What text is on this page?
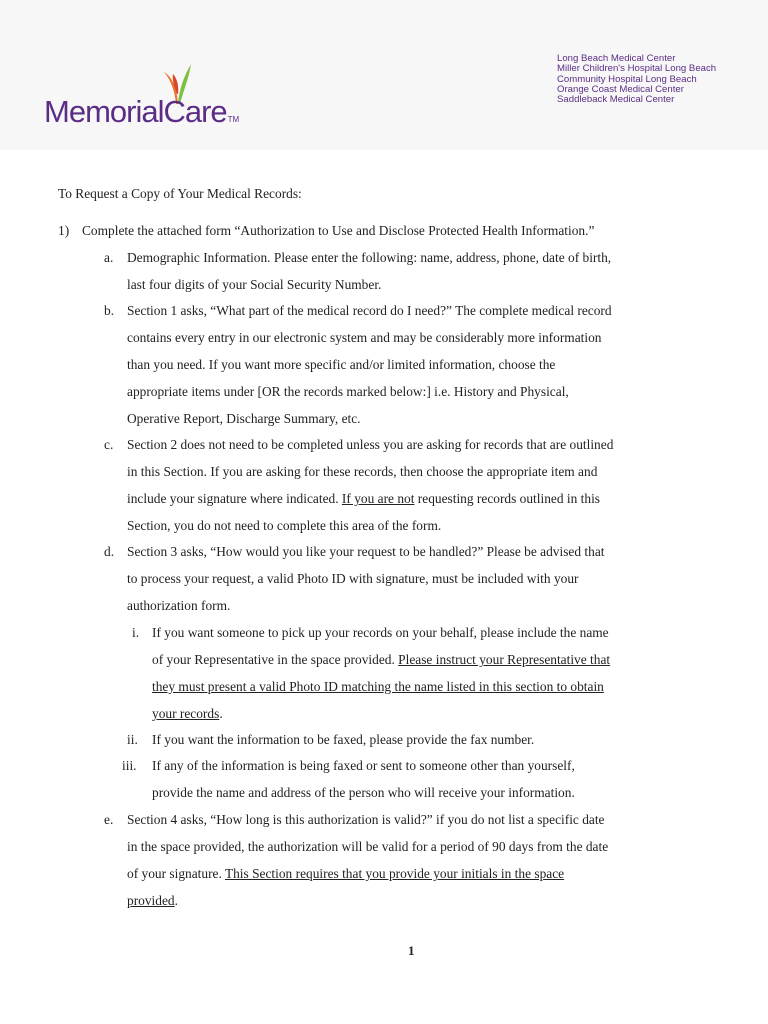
MemorialCareTM
Long Beach Medical Center
Miller Children's Hospital Long Beach
Community Hospital Long Beach
Orange Coast Medical Center
Saddleback Medical Center
To Request a Copy of Your Medical Records:
1) Complete the attached form “Authorization to Use and Disclose Protected Health Information.”
a. Demographic Information. Please enter the following: name, address, phone, date of birth,
last four digits of your Social Security Number.
b. Section 1 asks, “What part of the medical record do I need?” The complete medical record
contains every entry in our electronic system and may be considerably more information
than you need. If you want more specific and/or limited information, choose the
appropriate items under [OR the records marked below:] i.e. History and Physical,
Operative Report, Discharge Summary, etc.
c. Section 2 does not need to be completed unless you are asking for records that are outlined
in this Section. If you are asking for these records, then choose the appropriate item and
include your signature where indicated. If you are not requesting records outlined in this
Section, you do not need to complete this area of the form.
d. Section 3 asks, “How would you like your request to be handled?” Please be advised that
to process your request, a valid Photo ID with signature, must be included with your
authorization form.
i. If you want someone to pick up your records on your behalf, please include the name
of your Representative in the space provided. Please instruct your Representative that
they must present a valid Photo ID matching the name listed in this section to obtain
your records.
ii. If you want the information to be faxed, please provide the fax number.
iii. If any of the information is being faxed or sent to someone other than yourself,
provide the name and address of the person who will receive your information.
e. Section 4 asks, “How long is this authorization is valid?” if you do not list a specific date
in the space provided, the authorization will be valid for a period of 90 days from the date
of your signature. This Section requires that you provide your initials in the space
provided.
1
